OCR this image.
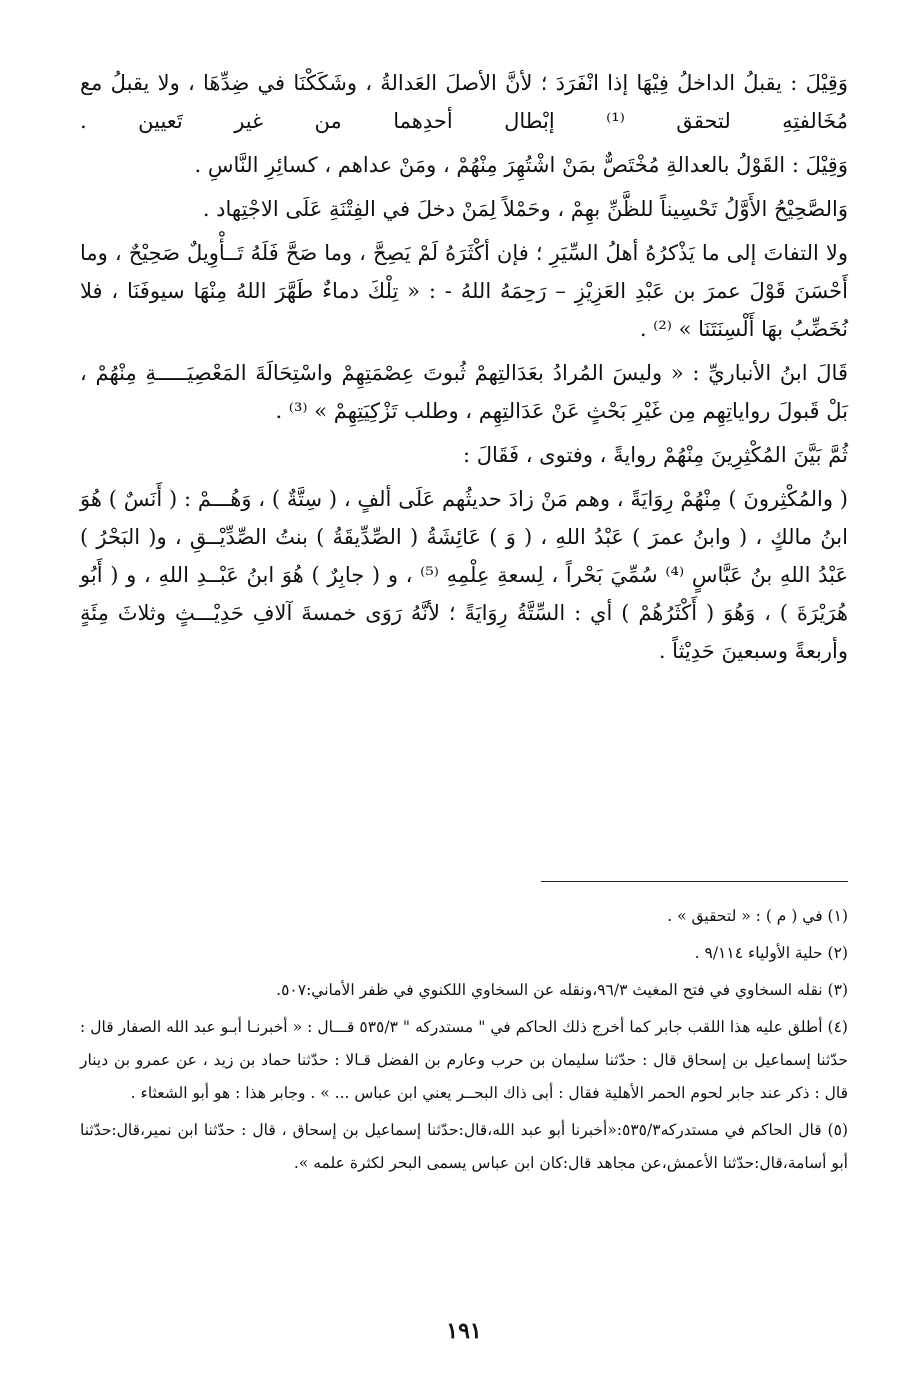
وَقِيْلَ : يقبلُ الداخلُ فِيْهَا إذا انْفَرَدَ ؛ لأنَّ الأصلَ العَدالةُ ، وشَكَكْنَا في ضِدِّهَا ، ولا يقبلُ مع مُخَالفتِهِ لتحقق ⁽¹⁾ إبْطال أحدِهما من غير تَعيين .

وَقِيْلَ : القَوْلُ بالعدالةِ مُخْتَصٌّ بمَنْ اشْتُهِرَ مِنْهُمْ ، ومَنْ عداهم ، كسائِرِ النَّاسِ .

وَالصَّحِيْحُ الأَوَّلُ تَحْسِيناً للظَّنِّ بهِمْ ، وحَمْلاً لِمَنْ دخلَ في الفِتْنَةِ عَلَى الاجْتِهاد .

ولا التفاتَ إلى ما يَذْكرُهُ أهلُ السِّيَرِ ؛ فإن أكْثَرَهُ لَمْ يَصِحَّ ، وما صَحَّ فَلَهُ تَــأْوِيلٌ صَحِيْحٌ ، وما أَحْسَنَ قَوْلَ عمرَ بن عَبْدِ العَزِيْزِ – رَحِمَهُ اللهُ - : « تِلْكَ دماءٌ طَهَّرَ اللهُ مِنْهَا سيوفَنَا ، فلا نُخَضِّبُ بهَا أَلْسِنَتَنَا » ⁽²⁾ .

قَالَ ابنُ الأنباريِّ : « وليسَ المُرادُ بعَدَالتِهمْ ثُبوتَ عِصْمَتِهِمْ واسْتِحَالَةَ المَعْصِيَـــــةِ مِنْهُمْ ، بَلْ قَبولَ رواياتِهِم مِن غَيْرِ بَحْثٍ عَنْ عَدَالتِهِم ، وطلب تَزْكِيَتِهِمْ » ⁽³⁾ .

ثُمَّ بَيَّنَ المُكْثِرِينَ مِنْهُمْ روايةً ، وفتوى ، فَقَالَ :

( والمُكْثِرونَ ) مِنْهُمْ رِوَايَةً ، وهم مَنْ زادَ حديثُهم عَلَى ألفٍ ، ( سِتَّةٌ ) ، وَهُـــمْ : ( أَنَسٌ ) هُوَ ابنُ مالكٍ ، ( وابنُ عمرَ ) عَبْدُ اللهِ ، ( وَ ) عَائِشَةُ ( الصِّدِّيقَةُ ) بنتُ الصِّدِّيْــقِ ، و( البَحْرُ ) عَبْدُ اللهِ بنُ عَبَّاسٍ ⁽⁴⁾ سُمِّيَ بَحْراً ، لِسعةِ عِلْمِهِ ⁽⁵⁾ ، و ( جابِرٌ ) هُوَ ابنُ عَبْــدِ اللهِ ، و ( أَبُو هُرَيْرَةَ ) ، وَهُوَ ( أَكْثَرُهُمْ ) أي : السِّتَّةُ رِوَايَةً ؛ لأنَّهُ رَوَى خمسةَ آلافِ حَدِيْـــثٍ وثلاثَ مِئَةٍ وأربعةً وسبعينَ حَدِيْثاً .

(١) في ( م ) : « لتحقيق » .

(٢) حلية الأولياء ٩/١١٤ .

(٣) نقله السخاوي في فتح المغيث ٩٦/٣،ونقله عن السخاوي اللكنوي في ظفر الأماني:٥٠٧.

(٤) أطلق عليه هذا اللقب جابر كما أخرج ذلك الحاكم في " مستدركه " ٥٣٥/٣ قـــال : « أخبرنـا أبـو عبد الله الصفار قال : حدّثنا إسماعيل بن إسحاق قال : حدّثنا سليمان بن حرب وعارم بن الفضل قـالا : حدّثنا حماد بن زيد ، عن عمرو بن دينار قال : ذكر عند جابر لحوم الحمر الأهلية فقال : أبى ذاك البحــر يعني ابن عباس ... » . وجابر هذا : هو أبو الشعثاء .

(٥) قال الحاكم في مستدركه٥٣٥/٣:«أخبرنا أبو عبد الله،قال:حدّثنا إسماعيل بن إسحاق ، قال : حدّثنا ابن نمير،قال:حدّثنا أبو أسامة،قال:حدّثنا الأعمش،عن مجاهد قال:كان ابن عباس يسمى البحر لكثرة علمه ».

١٩١
